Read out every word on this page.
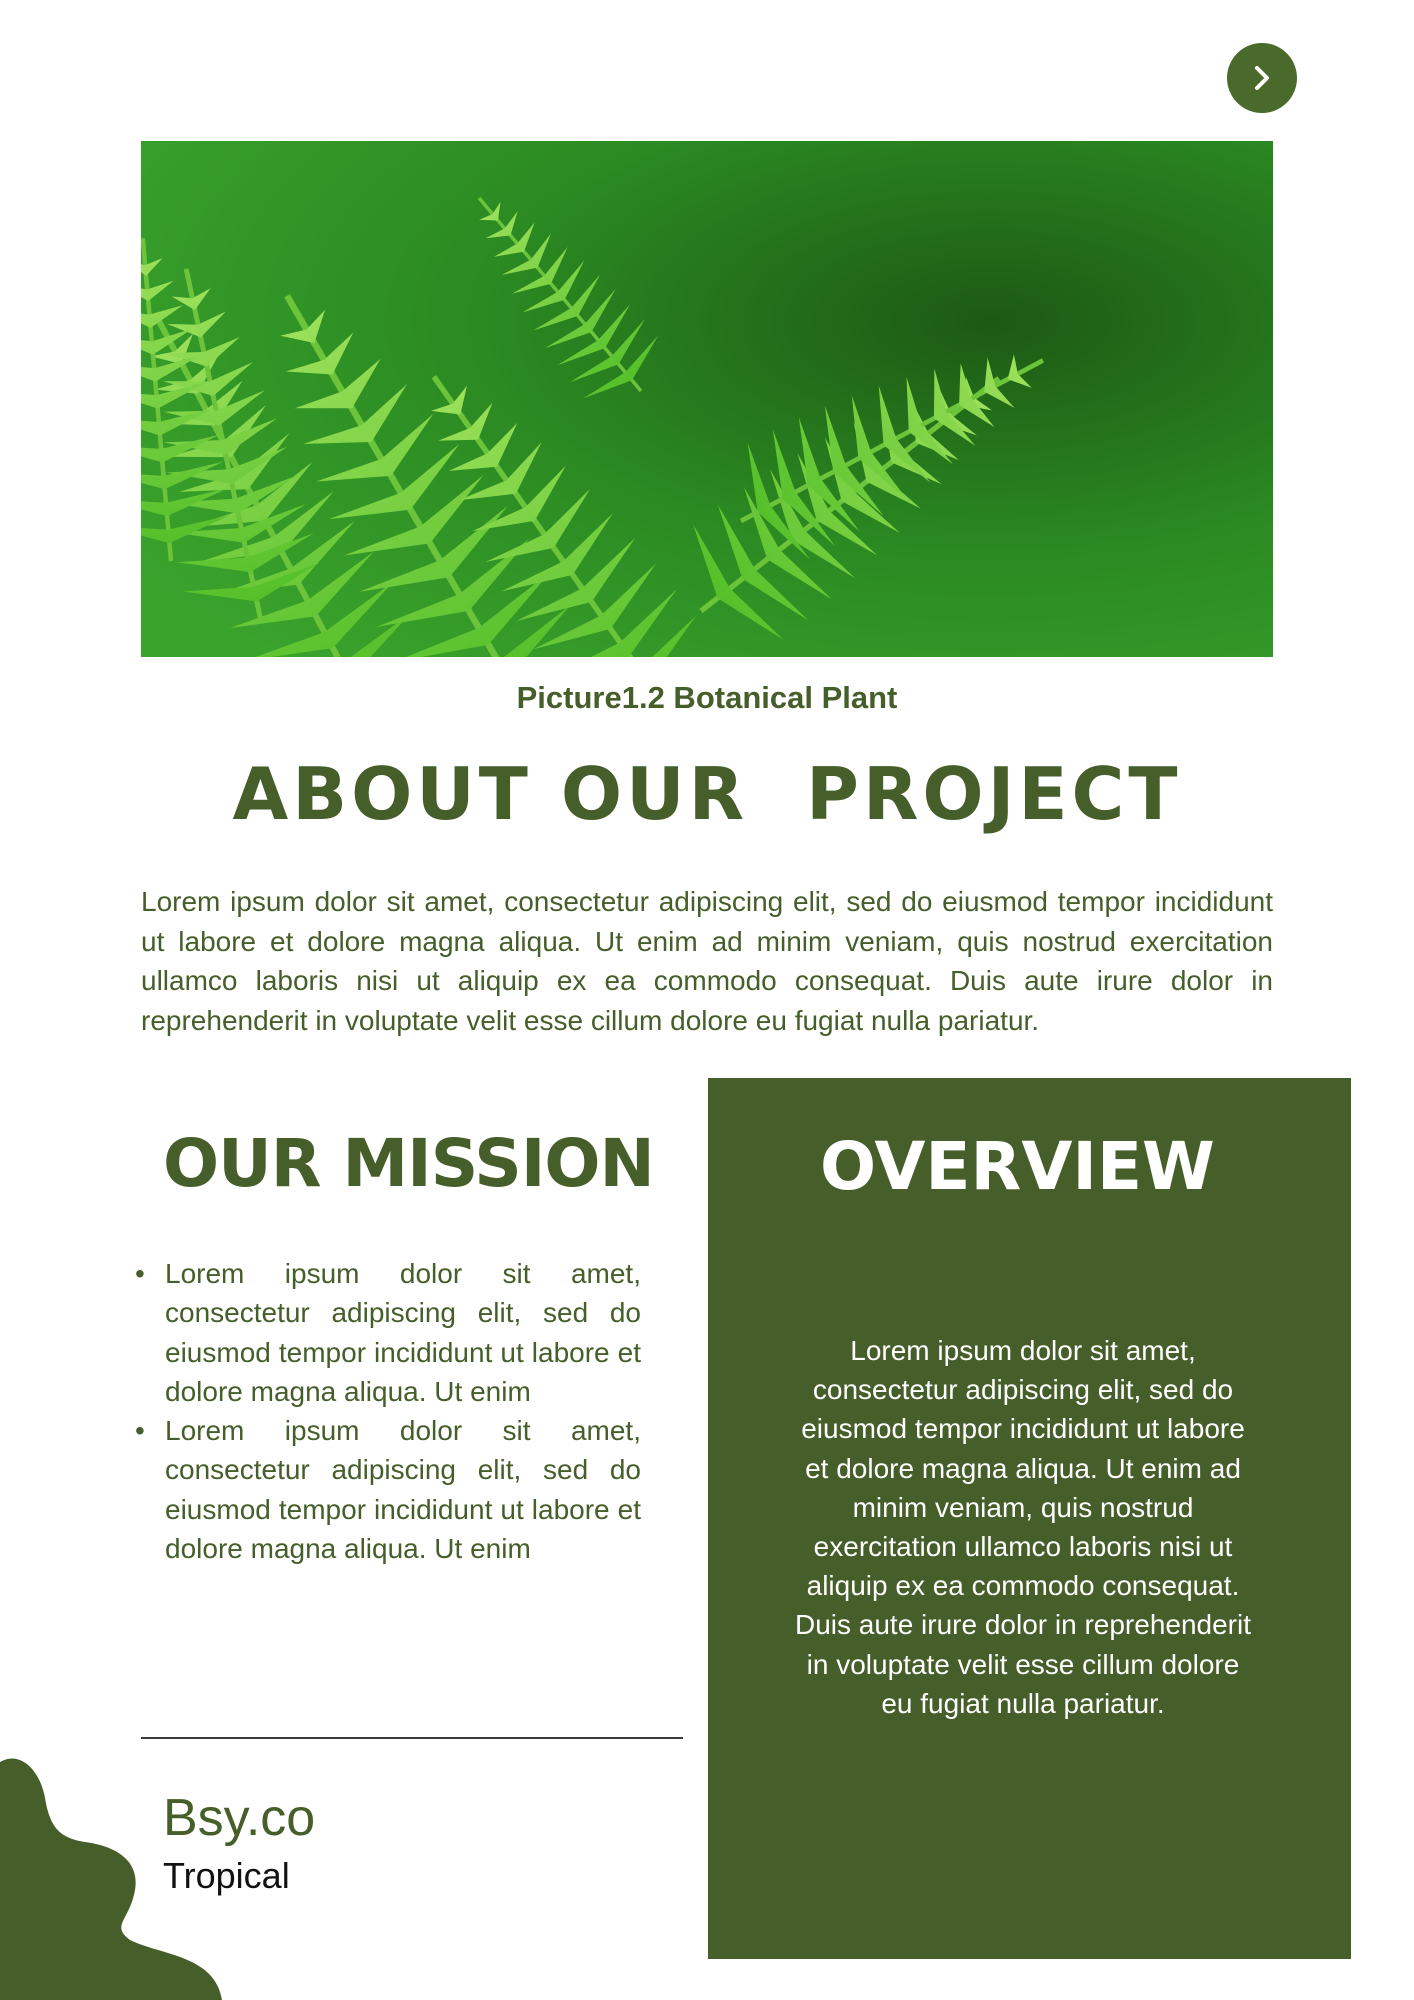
Picture1.2 Botanical Plant
ABOUT OUR  PROJECT

Lorem ipsum dolor sit amet, consectetur adipiscing elit, sed do eiusmod tempor incididunt ut labore et dolore magna aliqua. Ut enim ad minim veniam, quis nostrud exercitation ullamco laboris nisi ut aliquip ex ea commodo consequat. Duis aute irure dolor in reprehenderit in voluptate velit esse cillum dolore eu fugiat nulla pariatur.

OUR MISSION
• Lorem ipsum dolor sit amet, consectetur adipiscing elit, sed do eiusmod tempor incididunt ut labore et dolore magna aliqua. Ut enim
• Lorem ipsum dolor sit amet, consectetur adipiscing elit, sed do eiusmod tempor incididunt ut labore et dolore magna aliqua. Ut enim
Bsy.co
Tropical
OVERVIEW

Lorem ipsum dolor sit amet, consectetur adipiscing elit, sed do eiusmod tempor incididunt ut labore et dolore magna aliqua. Ut enim ad minim veniam, quis nostrud exercitation ullamco laboris nisi ut aliquip ex ea commodo consequat. Duis aute irure dolor in reprehenderit in voluptate velit esse cillum dolore eu fugiat nulla pariatur.
